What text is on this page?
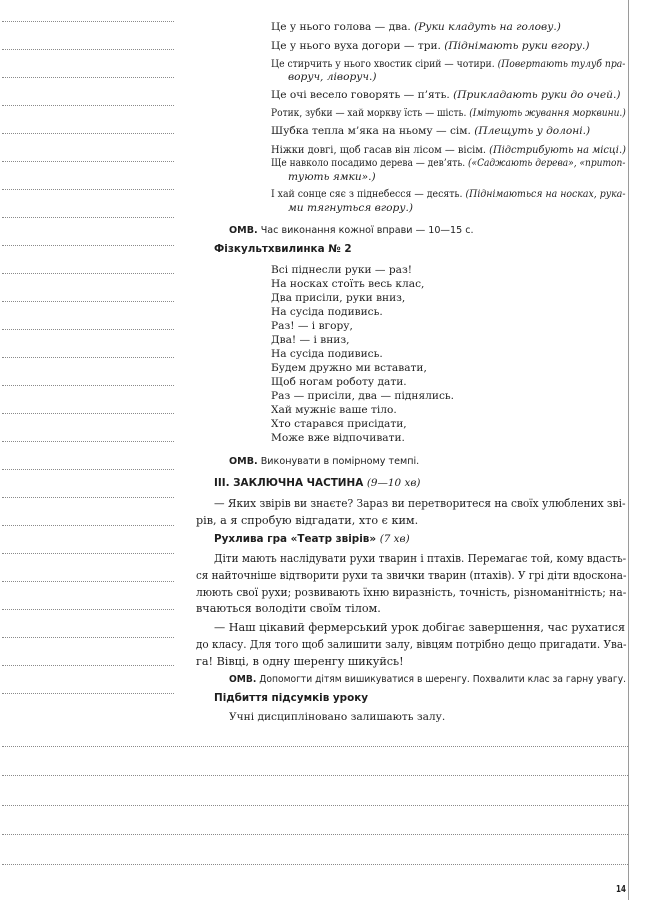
Це у нього голова — два. (Руки кладуть на голову.)
Це у нього вуха догори — три. (Піднімають руки вгору.)
Це стирчить у нього хвостик сірий — чотири. (Повертають тулуб пра-
воруч, ліворуч.)
Це очі весело говорять — п’ять. (Прикладають руки до очей.)
Ротик, зубки — хай моркву їсть — шість. (Імітують жування морквини.)
Шубка тепла м’яка на ньому — сім. (Плещуть у долоні.)
Ніжки довгі, щоб гасав він лісом — вісім. (Підстрибують на місці.)
Ще навколо посадимо дерева — дев’ять. («Саджають дерева», «притоп-
тують ямки».)
І хай сонце сяє з піднебесся — десять. (Піднімаються на носках, рука-
ми тягнуться вгору.)
ОМВ. Час виконання кожної вправи — 10—15 с.
Фізкультхвилинка № 2
Всі піднесли руки — раз!
На носках стоїть весь клас,
Два присіли, руки вниз,
На сусіда подивись.
Раз! — і вгору,
Два! — і вниз,
На сусіда подивись.
Будем дружно ми вставати,
Щоб ногам роботу дати.
Раз — присіли, два — піднялись.
Хай мужніє ваше тіло.
Хто старався присідати,
Може вже відпочивати.
ОМВ. Виконувати в помірному темпі.
ІІІ. ЗАКЛЮЧНА ЧАСТИНА (9—10 хв)
— Яких звірів ви знаєте? Зараз ви перетворитеся на своїх улюблених зві-
рів, а я спробую відгадати, хто є ким.
Рухлива гра «Театр звірів» (7 хв)
Діти мають наслідувати рухи тварин і птахів. Перемагає той, кому вдасть-
ся найточніше відтворити рухи та звички тварин (птахів). У грі діти вдоскона-
люють свої рухи; розвивають їхню виразність, точність, різноманітність; на-
вчаються володіти своїм тілом.
— Наш цікавий фермерський урок добігає завершення, час рухатися
до класу. Для того щоб залишити залу, вівцям потрібно дещо пригадати. Ува-
га! Вівці, в одну шеренгу шикуйсь!
ОМВ. Допомогти дітям вишикуватися в шеренгу. Похвалити клас за гарну увагу.
Підбиття підсумків уроку
Учні дисципліновано залишають залу.
14
